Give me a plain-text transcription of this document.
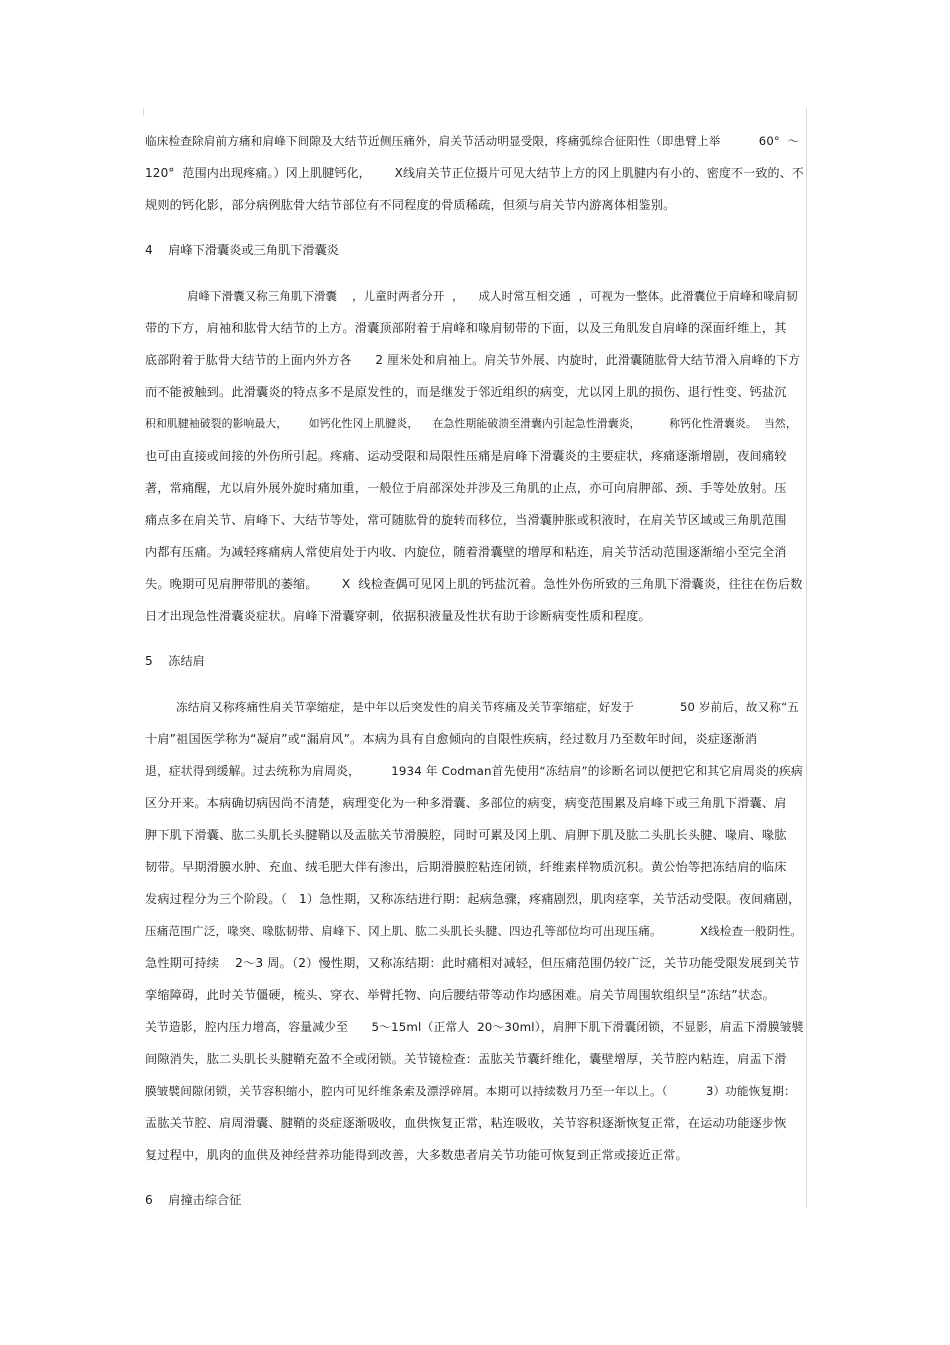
临床检查除肩前方痛和肩峰下间隙及大结节近侧压痛外，肩关节活动明显受限，疼痛弧综合征阳性（即患臂上举          60°  ～
120°  范围内出现疼痛。）冈上肌腱钙化，      X线肩关节正位摄片可见大结节上方的冈上肌腱内有小的、密度不一致的、不
规则的钙化影，部分病例肱骨大结节部位有不同程度的骨质稀疏，但须与肩关节内游离体相鉴别。
4    肩峰下滑囊炎或三角肌下滑囊炎
肩峰下滑囊又称三角肌下滑囊    ，儿童时两者分开  ，    成人时常互相交通  ，可视为一整体。此滑囊位于肩峰和喙肩韧
带的下方，肩袖和肱骨大结节的上方。滑囊顶部附着于肩峰和喙肩韧带的下面，以及三角肌发自肩峰的深面纤维上，其
底部附着于肱骨大结节的上面内外方各      2 厘米处和肩袖上。肩关节外展、内旋时，此滑囊随肱骨大结节滑入肩峰的下方
而不能被触到。此滑囊炎的特点多不是原发性的，而是继发于邻近组织的病变，尤以冈上肌的损伤、退行性变、钙盐沉
积和肌腱袖破裂的影响最大，      如钙化性冈上肌腱炎，    在急性期能破溃至滑囊内引起急性滑囊炎，        称钙化性滑囊炎。  当然，
也可由直接或间接的外伤所引起。疼痛、运动受限和局限性压痛是肩峰下滑囊炎的主要症状，疼痛逐渐增剧，夜间痛较
著，常痛醒，尤以肩外展外旋时痛加重，一般位于肩部深处并涉及三角肌的止点，亦可向肩胛部、颈、手等处放射。压
痛点多在肩关节、肩峰下、大结节等处，常可随肱骨的旋转而移位，当滑囊肿胀或积液时，在肩关节区域或三角肌范围
内都有压痛。为减轻疼痛病人常使肩处于内收、内旋位，随着滑囊壁的增厚和粘连，肩关节活动范围逐渐缩小至完全消
失。晚期可见肩胛带肌的萎缩。      X  线检查偶可见冈上肌的钙盐沉着。急性外伤所致的三角肌下滑囊炎，往往在伤后数
日才出现急性滑囊炎症状。肩峰下滑囊穿刺，依据积液量及性状有助于诊断病变性质和程度。
5    冻结肩
冻结肩又称疼痛性肩关节挛缩症，是中年以后突发性的肩关节疼痛及关节挛缩症，好发于            50 岁前后，故又称“五
十肩”祖国医学称为“凝肩”或“漏肩风”。本病为具有自愈倾向的自限性疾病，经过数月乃至数年时间，炎症逐渐消
退，症状得到缓解。过去统称为肩周炎，        1934 年 Codman首先使用“冻结肩”的诊断名词以便把它和其它肩周炎的疾病
区分开来。本病确切病因尚不清楚，病理变化为一种多滑囊、多部位的病变，病变范围累及肩峰下或三角肌下滑囊、肩
胛下肌下滑囊、肱二头肌长头腱鞘以及盂肱关节滑膜腔，同时可累及冈上肌、肩胛下肌及肱二头肌长头腱、喙肩、喙肱
韧带。早期滑膜水肿、充血、绒毛肥大伴有渗出，后期滑膜腔粘连闭锁，纤维素样物质沉积。黄公怡等把冻结肩的临床
发病过程分为三个阶段。（   1）急性期，又称冻结进行期：起病急骤，疼痛剧烈，肌肉痉挛，关节活动受限。夜间痛剧，
压痛范围广泛，喙突、喙肱韧带、肩峰下、冈上肌、肱二头肌长头腱、四边孔等部位均可出现压痛。          X线检查一般阴性。
急性期可持续    2～3 周。（2）慢性期，又称冻结期：此时痛相对减轻，但压痛范围仍较广泛，关节功能受限发展到关节
挛缩障碍，此时关节僵硬，梳头、穿衣、举臂托物、向后腰结带等动作均感困难。肩关节周围软组织呈“冻结”状态。
关节造影，腔内压力增高，容量减少至      5～15ml（正常人  20～30ml），肩胛下肌下滑囊闭锁，不显影，肩盂下滑膜皱襞
间隙消失，肱二头肌长头腱鞘充盈不全或闭锁。关节镜检查：盂肱关节囊纤维化，囊壁增厚，关节腔内粘连，肩盂下滑
膜皱襞间隙闭锁，关节容积缩小，腔内可见纤维条索及漂浮碎屑。本期可以持续数月乃至一年以上。（          3）功能恢复期：
盂肱关节腔、肩周滑囊、腱鞘的炎症逐渐吸收，血供恢复正常，粘连吸收，关节容积逐渐恢复正常，在运动功能逐步恢
复过程中，肌肉的血供及神经营养功能得到改善，大多数患者肩关节功能可恢复到正常或接近正常。
6    肩撞击综合征
